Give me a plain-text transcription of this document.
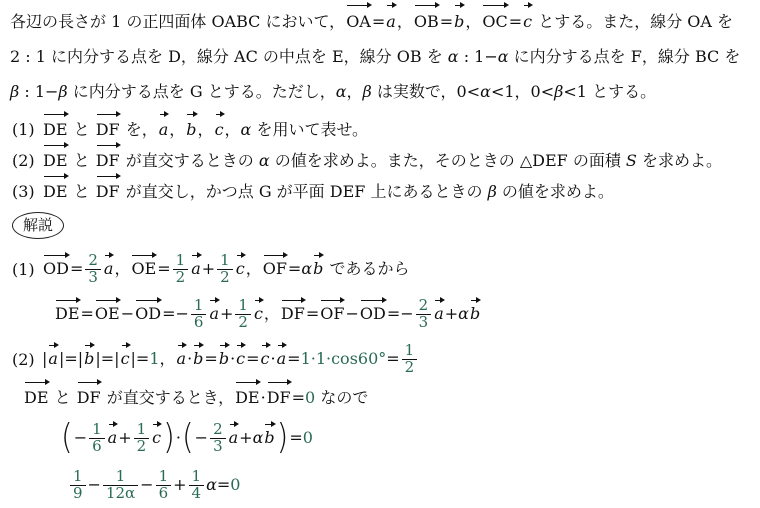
各辺の長さが 1 の正四面体 OABC において，OA=a，OB=b，OC=c とする。また，線分 OA を
2 : 1 に内分する点を D，線分 AC の中点を E，線分 OB を α : 1−α に内分する点を F，線分 BC を
β : 1−β に内分する点を G とする。ただし，α，β は実数で，0<α<1，0<β<1 とする。
(1) DE と DF を，a，b，c，α を用いて表せ。
(2) DE と DF が直交するときの α の値を求めよ。また，そのときの △DEF の面積 S を求めよ。
(3) DE と DF が直交し，かつ点 G が平面 DEF 上にあるときの β の値を求めよ。
解説
(1) $OD= \frac{2}{3}$ a，$OE= \frac{1}{2} a+ \frac{1}{2}$ c，OF=αb であるから
$DE=OE-OD=- \frac{1}{6} a+ \frac{1}{2}$ c，$DF=OF-OD=- \frac{2}{3} a+\alpha b$
(2) |a|=|b|=|c|=1，$a\cdot b=b\cdot c=c\cdot a=1\cdot 1\cdot\cos 60^\circ= \frac{1}{2}$
DE と DF が直交するとき，DE·DF=0 なので
(− $\frac{1}{6} a+ \frac{1}{2} c)\cdot(- \frac{2}{3} a+\alpha b)=0$
$\frac{1}{9} - \frac{1}{12\alpha} - \frac{1}{6} + \frac{1}{4} \alpha=0$
